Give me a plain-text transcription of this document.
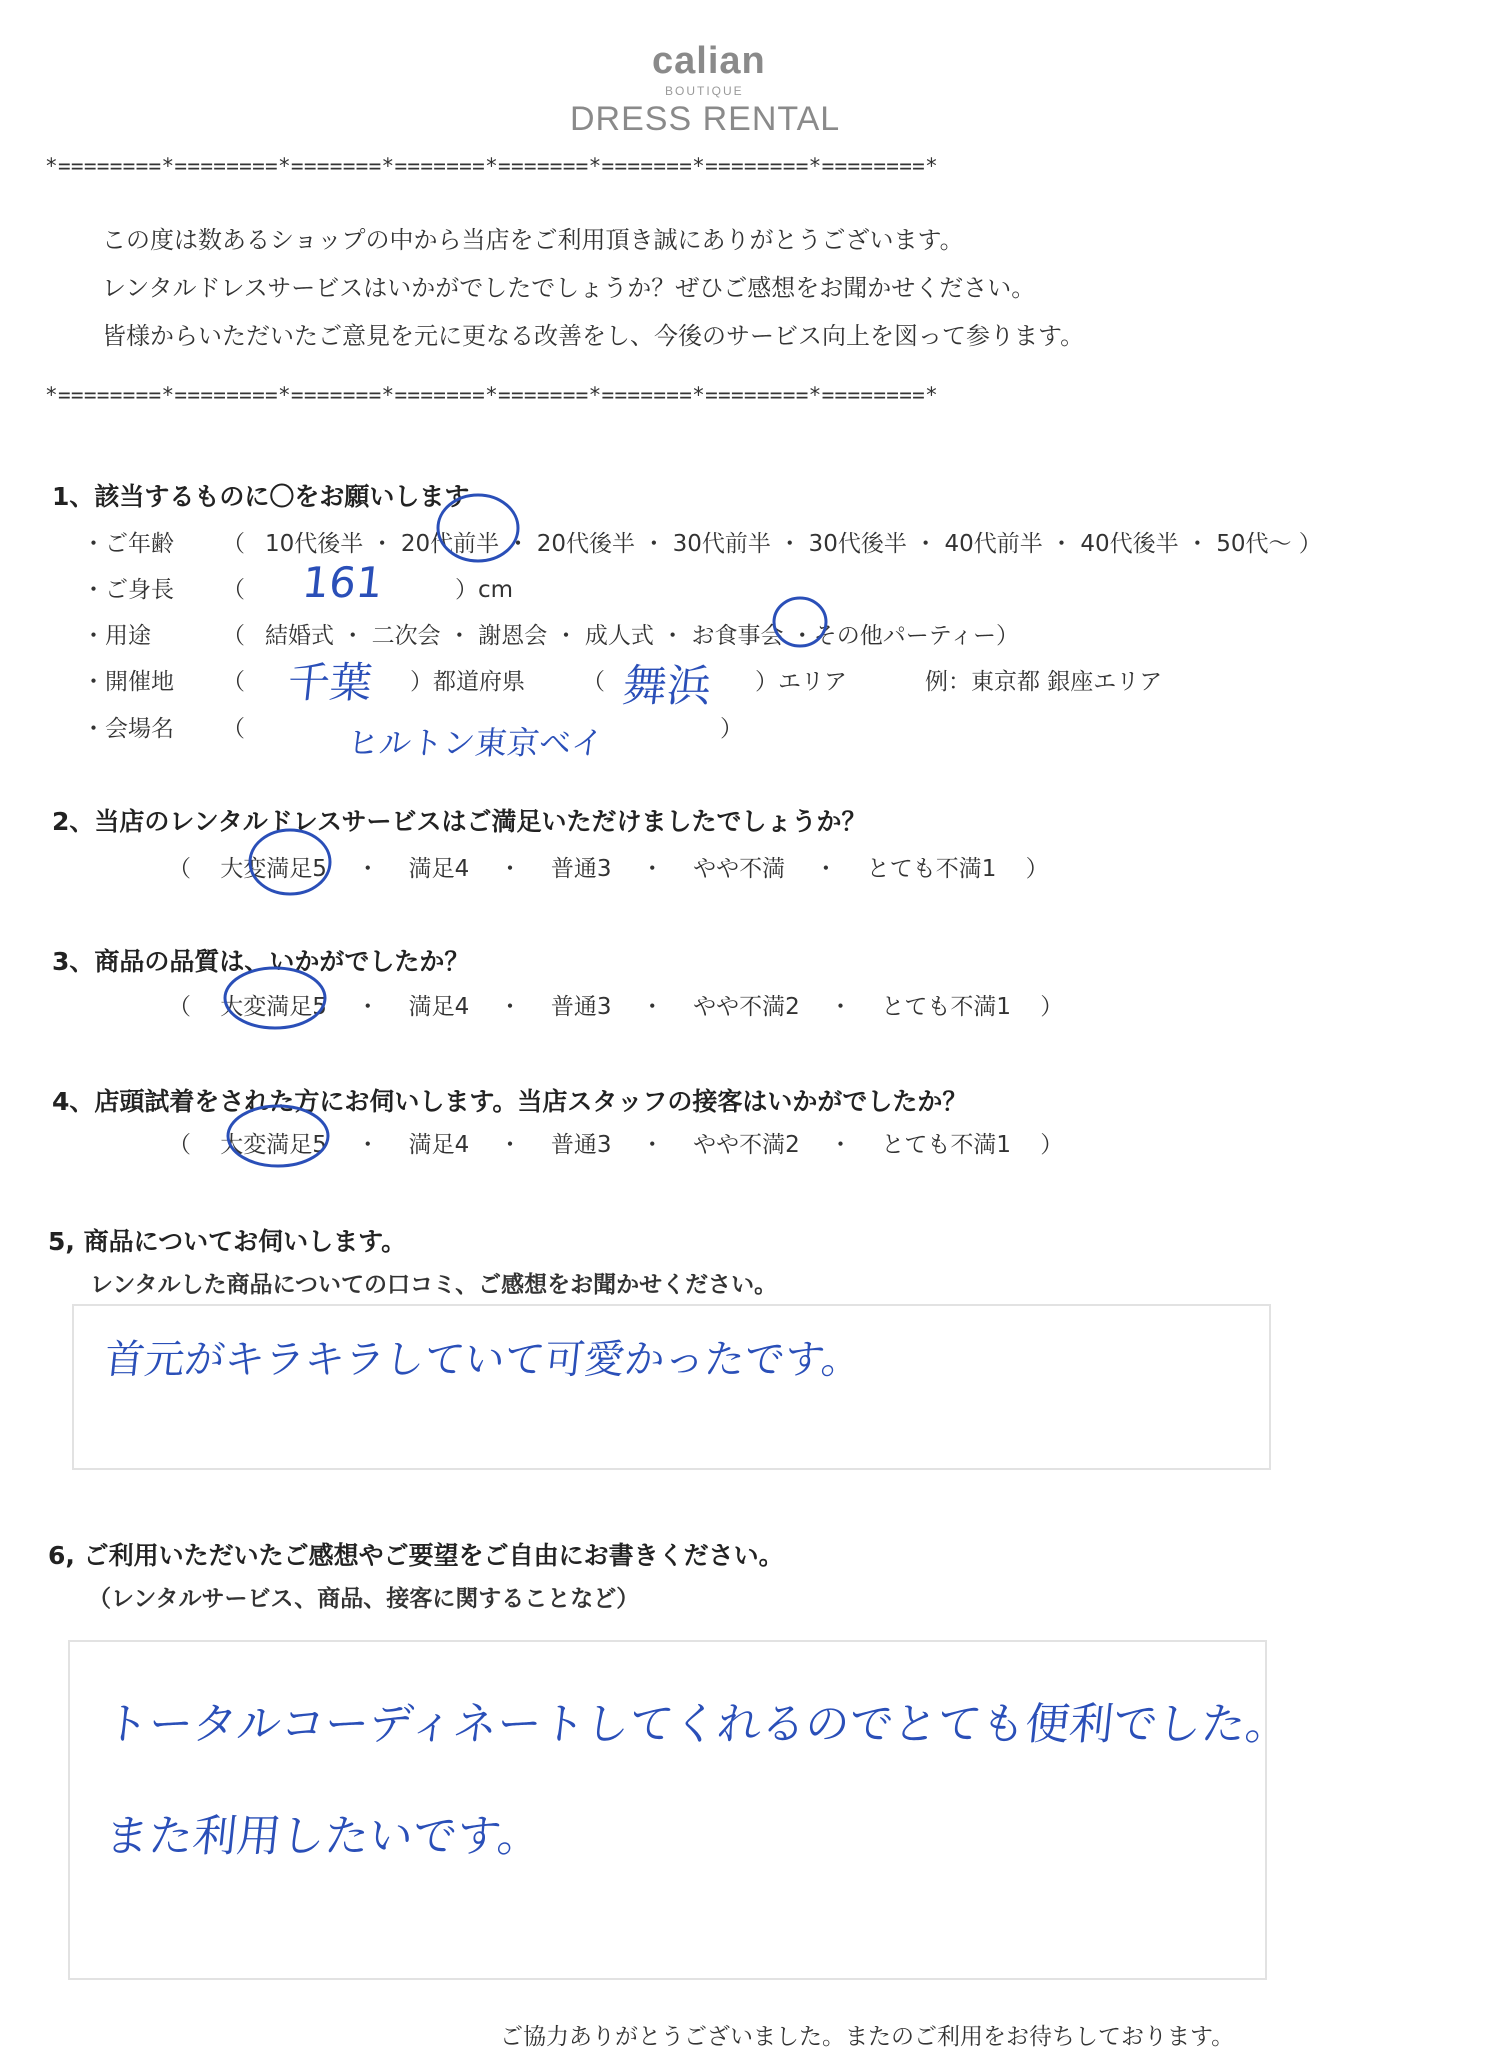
calian
BOUTIQUE
DRESS RENTAL
*========*========*=======*=======*=======*=======*========*========*
この度は数あるショップの中から当店をご利用頂き誠にありがとうございます。
レンタルドレスサービスはいかがでしたでしょうか？ぜひご感想をお聞かせください。
皆様からいただいたご意見を元に更なる改善をし、今後のサービス向上を図って参ります。
*========*========*=======*=======*=======*=======*========*========*
1、該当するものに〇をお願いします
・ご年齢 （ 10代後半 ・ 20代前半 ・ 20代後半 ・ 30代前半 ・ 30代後半 ・ 40代前半 ・ 40代後半 ・ 50代〜 ）
・ご身長 （ 161	）cm
・用途	（ 結婚式 ・ 二次会 ・ 謝恩会 ・ 成人式 ・ お食事会 ・その他パーティー）
・開催地 （ 千葉 ）都道府県 （ 舞浜 ）エリア	例：東京都 銀座エリア
・会場名 （	ヒルトン東京ベイ	）
2、当店のレンタルドレスサービスはご満足いただけましたでしょうか？
（ 大変満足5 ・ 満足4 ・ 普通3 ・ やや不満 ・ とても不満1 ）
3、商品の品質は、いかがでしたか？
（ 大変満足5 ・ 満足4 ・ 普通3 ・ やや不満2 ・ とても不満1 ）
4、店頭試着をされた方にお伺いします。当店スタッフの接客はいかがでしたか？
（ 大変満足5 ・ 満足4 ・ 普通3 ・ やや不満2 ・ とても不満1 ）
5, 商品についてお伺いします。
レンタルした商品についての口コミ、ご感想をお聞かせください。
首元がキラキラしていて可愛かったです。
6, ご利用いただいたご感想やご要望をご自由にお書きください。
（レンタルサービス、商品、接客に関することなど）
トータルコーディネートしてくれるのでとても便利でした。
また利用したいです。
ご協力ありがとうございました。またのご利用をお待ちしております。
